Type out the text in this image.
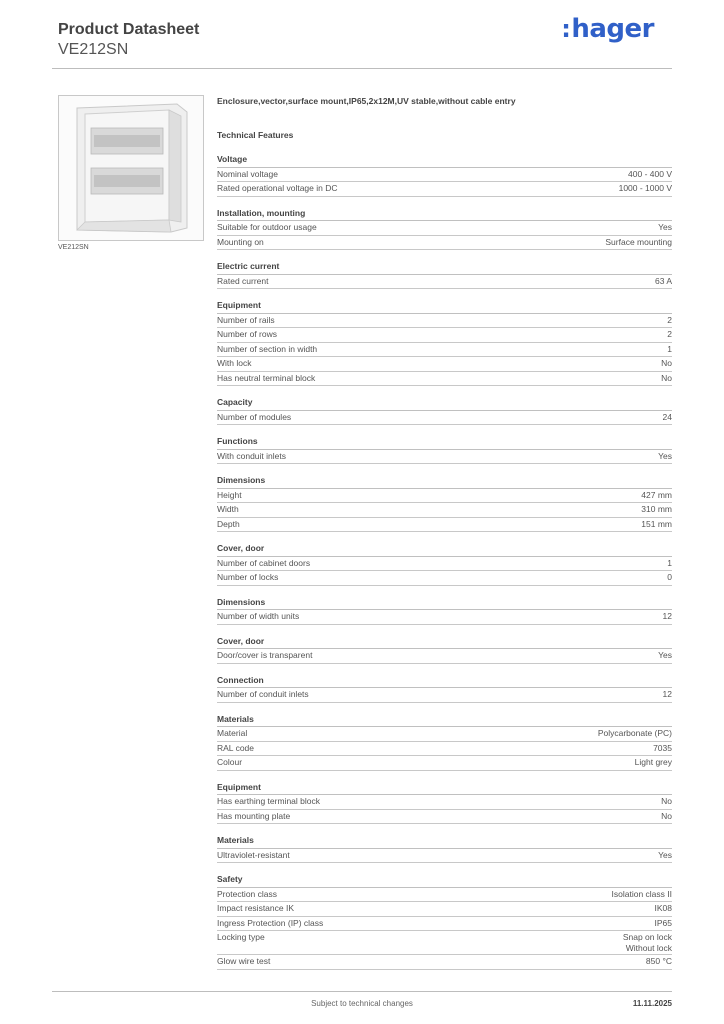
Product Datasheet
VE212SN
:hager
VE212SN
Enclosure,vector,surface mount,IP65,2x12M,UV stable,without cable entry
Technical Features
Voltage
Nominal voltage	400 - 400 V
Rated operational voltage in DC	1000 - 1000 V
Installation, mounting
Suitable for outdoor usage	Yes
Mounting on	Surface mounting
Electric current
Rated current	63 A
Equipment
Number of rails	2
Number of rows	2
Number of section in width	1
With lock	No
Has neutral terminal block	No
Capacity
Number of modules	24
Functions
With conduit inlets	Yes
Dimensions
Height	427 mm
Width	310 mm
Depth	151 mm
Cover, door
Number of cabinet doors	1
Number of locks	0
Dimensions
Number of width units	12
Cover, door
Door/cover is transparent	Yes
Connection
Number of conduit inlets	12
Materials
Material	Polycarbonate (PC)
RAL code	7035
Colour	Light grey
Equipment
Has earthing terminal block	No
Has mounting plate	No
Materials
Ultraviolet-resistant	Yes
Safety
Protection class	Isolation class II
Impact resistance IK	IK08
Ingress Protection (IP) class	IP65
Locking type	Snap on lock
Without lock
Glow wire test	850 °C
Subject to technical changes	11.11.2025
